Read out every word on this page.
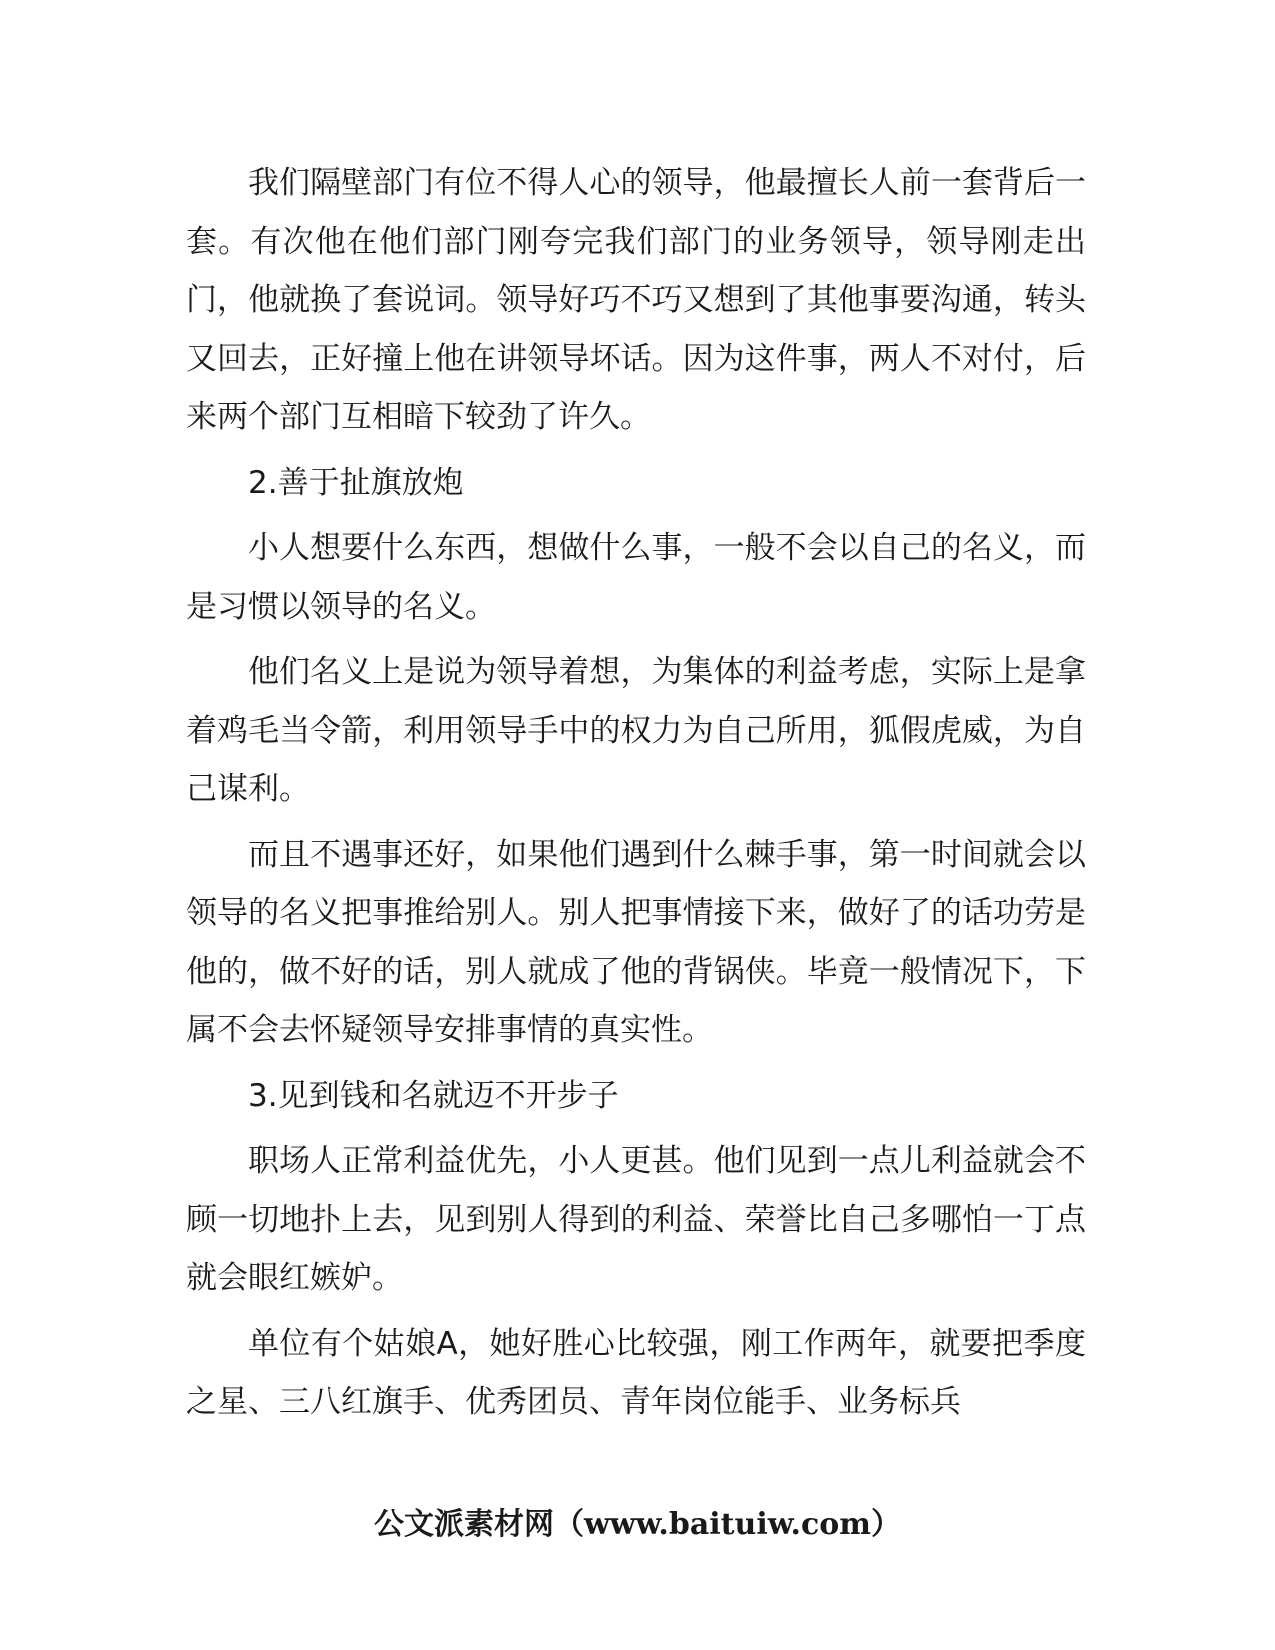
我们隔壁部门有位不得人心的领导，他最擅长人前一套背后一套。有次他在他们部门刚夸完我们部门的业务领导，领导刚走出门，他就换了套说词。领导好巧不巧又想到了其他事要沟通，转头又回去，正好撞上他在讲领导坏话。因为这件事，两人不对付，后来两个部门互相暗下较劲了许久。

2.善于扯旗放炮

小人想要什么东西，想做什么事，一般不会以自己的名义，而是习惯以领导的名义。

他们名义上是说为领导着想，为集体的利益考虑，实际上是拿着鸡毛当令箭，利用领导手中的权力为自己所用，狐假虎威，为自己谋利。

而且不遇事还好，如果他们遇到什么棘手事，第一时间就会以领导的名义把事推给别人。别人把事情接下来，做好了的话功劳是他的，做不好的话，别人就成了他的背锅侠。毕竟一般情况下，下属不会去怀疑领导安排事情的真实性。

3.见到钱和名就迈不开步子

职场人正常利益优先，小人更甚。他们见到一点儿利益就会不顾一切地扑上去，见到别人得到的利益、荣誉比自己多哪怕一丁点就会眼红嫉妒。

单位有个姑娘A，她好胜心比较强，刚工作两年，就要把季度之星、三八红旗手、优秀团员、青年岗位能手、业务标兵

公文派素材网（www.baituiw.com）
